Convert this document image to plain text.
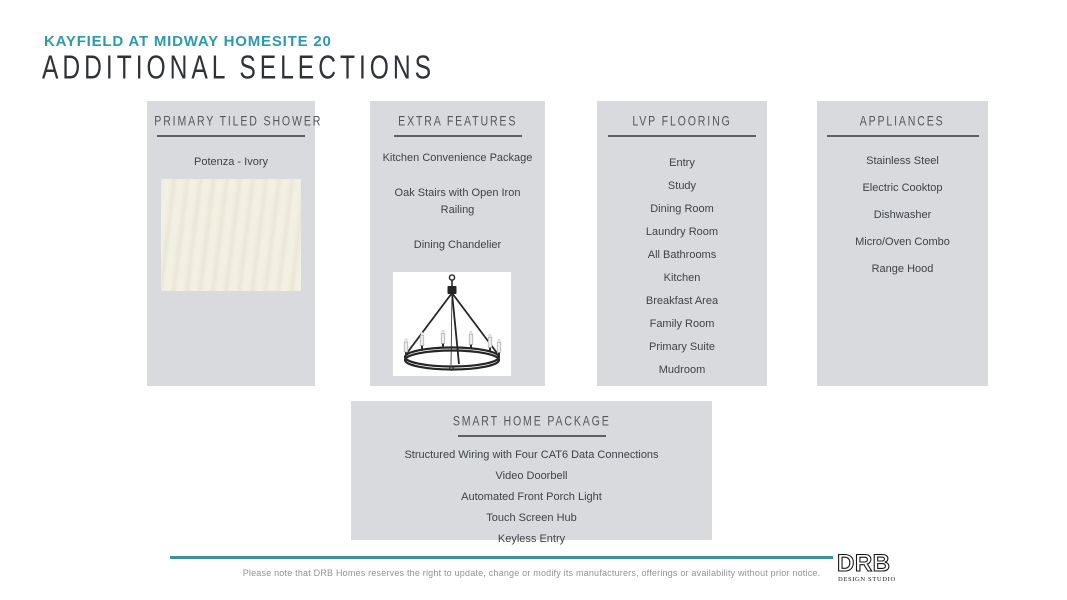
KAYFIELD AT MIDWAY HOMESITE 20
ADDITIONAL SELECTIONS
PRIMARY TILED SHOWER
Potenza - Ivory
EXTRA FEATURES
Kitchen Convenience Package
Oak Stairs with Open Iron Railing
Dining Chandelier
LVP FLOORING
Entry
Study
Dining Room
Laundry Room
All Bathrooms
Kitchen
Breakfast Area
Family Room
Primary Suite
Mudroom
APPLIANCES
Stainless Steel
Electric Cooktop
Dishwasher
Micro/Oven Combo
Range Hood
SMART HOME PACKAGE
Structured Wiring with Four CAT6 Data Connections
Video Doorbell
Automated Front Porch Light
Touch Screen Hub
Keyless Entry
Please note that DRB Homes reserves the right to update, change or modify its manufacturers, offerings or availability without prior notice. DRB
DESIGN STUDIO
